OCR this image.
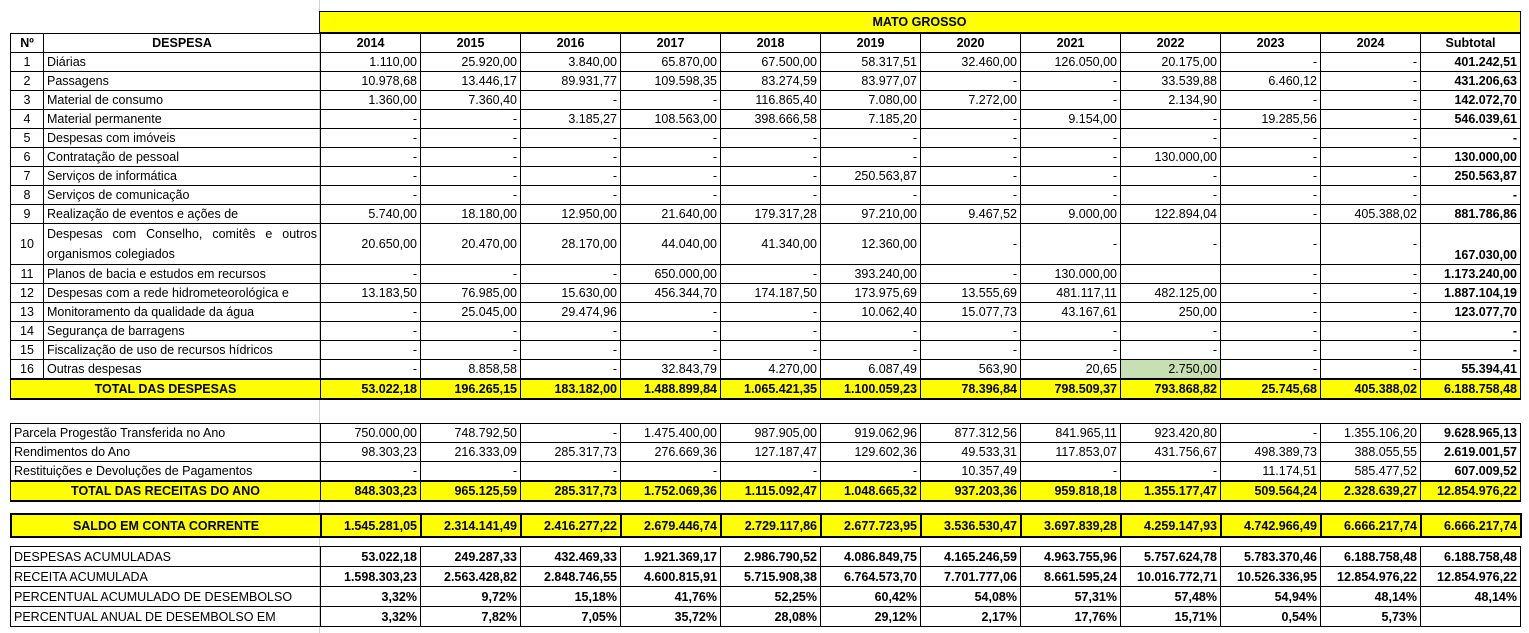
	MATO GROSSO
Nº	DESPESA	2014	2015	2016	2017	2018	2019	2020	2021	2022	2023	2024	Subtotal
1	Diárias	1.110,00	25.920,00	3.840,00	65.870,00	67.500,00	58.317,51	32.460,00	126.050,00	20.175,00	-	-	401.242,51
2	Passagens	10.978,68	13.446,17	89.931,77	109.598,35	83.274,59	83.977,07	-	-	33.539,88	6.460,12	-	431.206,63
3	Material de consumo	1.360,00	7.360,40	-	-	116.865,40	7.080,00	7.272,00	-	2.134,90	-	-	142.072,70
4	Material permanente	-	-	3.185,27	108.563,00	398.666,58	7.185,20	-	9.154,00	-	19.285,56	-	546.039,61
5	Despesas com imóveis	-	-	-	-	-	-	-	-	-	-	-	-
6	Contratação de pessoal	-	-	-	-	-	-	-	-	130.000,00	-	-	130.000,00
7	Serviços de informática	-	-	-	-	-	250.563,87	-	-	-	-	-	250.563,87
8	Serviços de comunicação	-	-	-	-	-	-	-	-	-	-	-	-
9	Realização de eventos e ações de	5.740,00	18.180,00	12.950,00	21.640,00	179.317,28	97.210,00	9.467,52	9.000,00	122.894,04	-	405.388,02	881.786,86
10	Despesas com Conselho, comitês e outros organismos colegiados	20.650,00	20.470,00	28.170,00	44.040,00	41.340,00	12.360,00	-	-	-	-	-	167.030,00
11	Planos de bacia e estudos em recursos	-	-	-	650.000,00	-	393.240,00	-	130.000,00		-	-	1.173.240,00
12	Despesas com a rede hidrometeorológica e	13.183,50	76.985,00	15.630,00	456.344,70	174.187,50	173.975,69	13.555,69	481.117,11	482.125,00	-	-	1.887.104,19
13	Monitoramento da qualidade da água	-	25.045,00	29.474,96	-	-	10.062,40	15.077,73	43.167,61	250,00	-	-	123.077,70
14	Segurança de barragens	-	-	-	-	-	-	-	-	-	-	-	-
15	Fiscalização de uso de recursos hídricos	-	-	-	-	-	-	-	-	-	-	-	-
16	Outras despesas	-	8.858,58	-	32.843,79	4.270,00	6.087,49	563,90	20,65	2.750,00	-	-	55.394,41
TOTAL DAS DESPESAS		53.022,18	196.265,15	183.182,00	1.488.899,84	1.065.421,35	1.100.059,23	78.396,84	798.509,37	793.868,82	25.745,68	405.388,02	6.188.758,48
Parcela Progestão Transferida no Ano	750.000,00	748.792,50	-	1.475.400,00	987.905,00	919.062,96	877.312,56	841.965,11	923.420,80	-	1.355.106,20	9.628.965,13
Rendimentos do Ano	98.303,23	216.333,09	285.317,73	276.669,36	127.187,47	129.602,36	49.533,31	117.853,07	431.756,67	498.389,73	388.055,55	2.619.001,57
Restituições e Devoluções de Pagamentos	-	-	-	-	-	-	10.357,49	-	-	11.174,51	585.477,52	607.009,52
TOTAL DAS RECEITAS DO ANO	848.303,23	965.125,59	285.317,73	1.752.069,36	1.115.092,47	1.048.665,32	937.203,36	959.818,18	1.355.177,47	509.564,24	2.328.639,27	12.854.976,22
SALDO EM CONTA CORRENTE	1.545.281,05	2.314.141,49	2.416.277,22	2.679.446,74	2.729.117,86	2.677.723,95	3.536.530,47	3.697.839,28	4.259.147,93	4.742.966,49	6.666.217,74	6.666.217,74
DESPESAS ACUMULADAS	53.022,18	249.287,33	432.469,33	1.921.369,17	2.986.790,52	4.086.849,75	4.165.246,59	4.963.755,96	5.757.624,78	5.783.370,46	6.188.758,48	6.188.758,48
RECEITA ACUMULADA	1.598.303,23	2.563.428,82	2.848.746,55	4.600.815,91	5.715.908,38	6.764.573,70	7.701.777,06	8.661.595,24	10.016.772,71	10.526.336,95	12.854.976,22	12.854.976,22
PERCENTUAL ACUMULADO DE DESEMBOLSO	3,32%	9,72%	15,18%	41,76%	52,25%	60,42%	54,08%	57,31%	57,48%	54,94%	48,14%	48,14%
PERCENTUAL ANUAL DE DESEMBOLSO EM	3,32%	7,82%	7,05%	35,72%	28,08%	29,12%	2,17%	17,76%	15,71%	0,54%	5,73%	
